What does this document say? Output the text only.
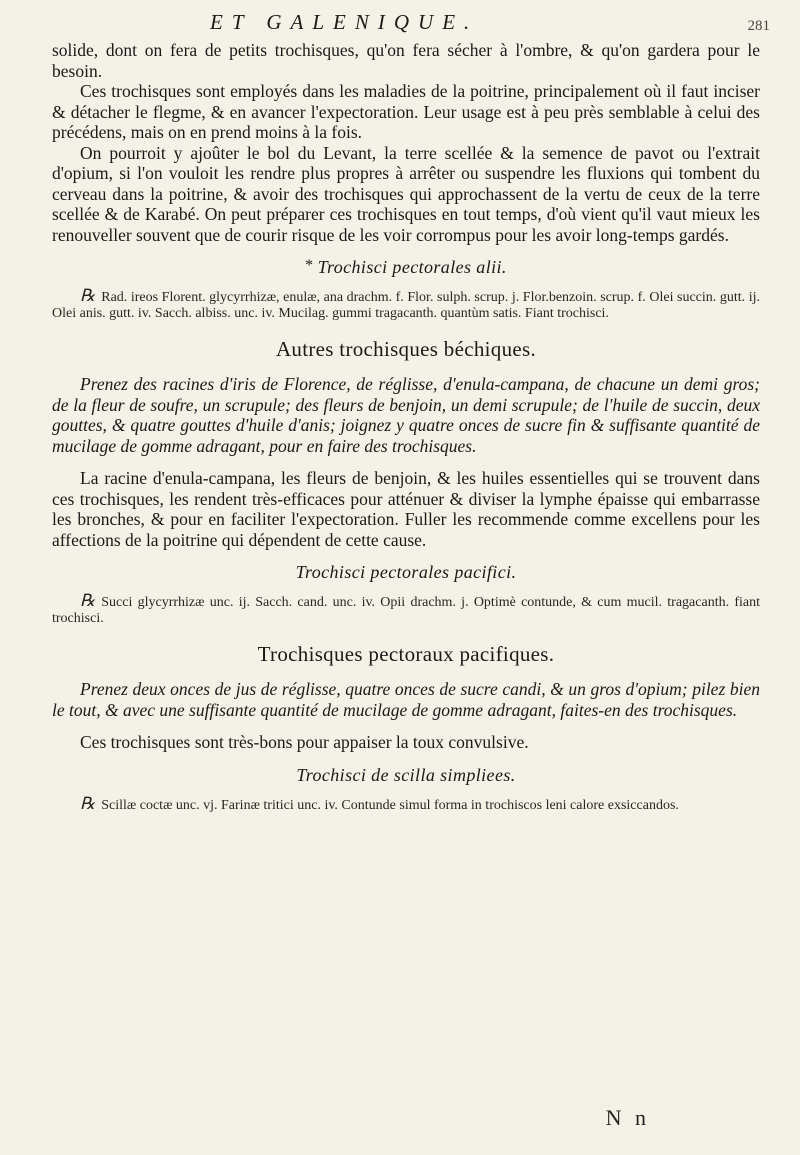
ET GALENIQUE.	281

solide, dont on fera de petits trochisques, qu'on fera sécher à l'ombre, & qu'on gardera pour le besoin.

Ces trochisques sont employés dans les maladies de la poitrine, principalement où il faut inciser & détacher le flegme, & en avancer l'expectoration. Leur usage est à peu près semblable à celui des précédens, mais on en prend moins à la fois.

On pourroit y ajoûter le bol du Levant, la terre scellée & la semence de pavot ou l'extrait d'opium, si l'on vouloit les rendre plus propres à arrêter ou suspendre les fluxions qui tombent du cerveau dans la poitrine, & avoir des trochisques qui approchassent de la vertu de ceux de la terre scellée & de Karabé. On peut préparer ces trochisques en tout temps, d'où vient qu'il vaut mieux les renouveller souvent que de courir risque de les voir corrompus pour les avoir long-temps gardés.

* Trochisci pectorales alii.

℞ Rad. ireos Florent. glycyrrhizæ, enulæ, ana drachm. f. Flor. sulph. scrup. j. Flor.benzoin. scrup. f. Olei succin. gutt. ij. Olei anis. gutt. iv. Sacch. albiss. unc. iv. Mucilag. gummi tragacanth. quantùm satis. Fiant trochisci.

Autres trochisques béchiques.

Prenez des racines d'iris de Florence, de réglisse, d'enula-campana, de chacune un demi gros; de la fleur de soufre, un scrupule; des fleurs de benjoin, un demi scrupule; de l'huile de succin, deux gouttes, & quatre gouttes d'huile d'anis; joignez y quatre onces de sucre fin & suffisante quantité de mucilage de gomme adragant, pour en faire des trochisques.

La racine d'enula-campana, les fleurs de benjoin, & les huiles essentielles qui se trouvent dans ces trochisques, les rendent très-efficaces pour atténuer & diviser la lymphe épaisse qui embarrasse les bronches, & pour en faciliter l'expectoration. Fuller les recommende comme excellens pour les affections de la poitrine qui dépendent de cette cause.

Trochisci pectorales pacifici.

℞ Succi glycyrrhizæ unc. ij. Sacch. cand. unc. iv. Opii drachm. j. Optimè contunde, & cum mucil. tragacanth. fiant trochisci.

Trochisques pectoraux pacifiques.

Prenez deux onces de jus de réglisse, quatre onces de sucre candi, & un gros d'opium; pilez bien le tout, & avec une suffisante quantité de mucilage de gomme adragant, faites-en des trochisques.

Ces trochisques sont très-bons pour appaiser la toux convulsive.

Trochisci de scilla simpliees.

℞ Scillæ coctæ unc. vj. Farinæ tritici unc. iv. Contunde simul forma in trochiscos leni calore exsiccandos.

N n
